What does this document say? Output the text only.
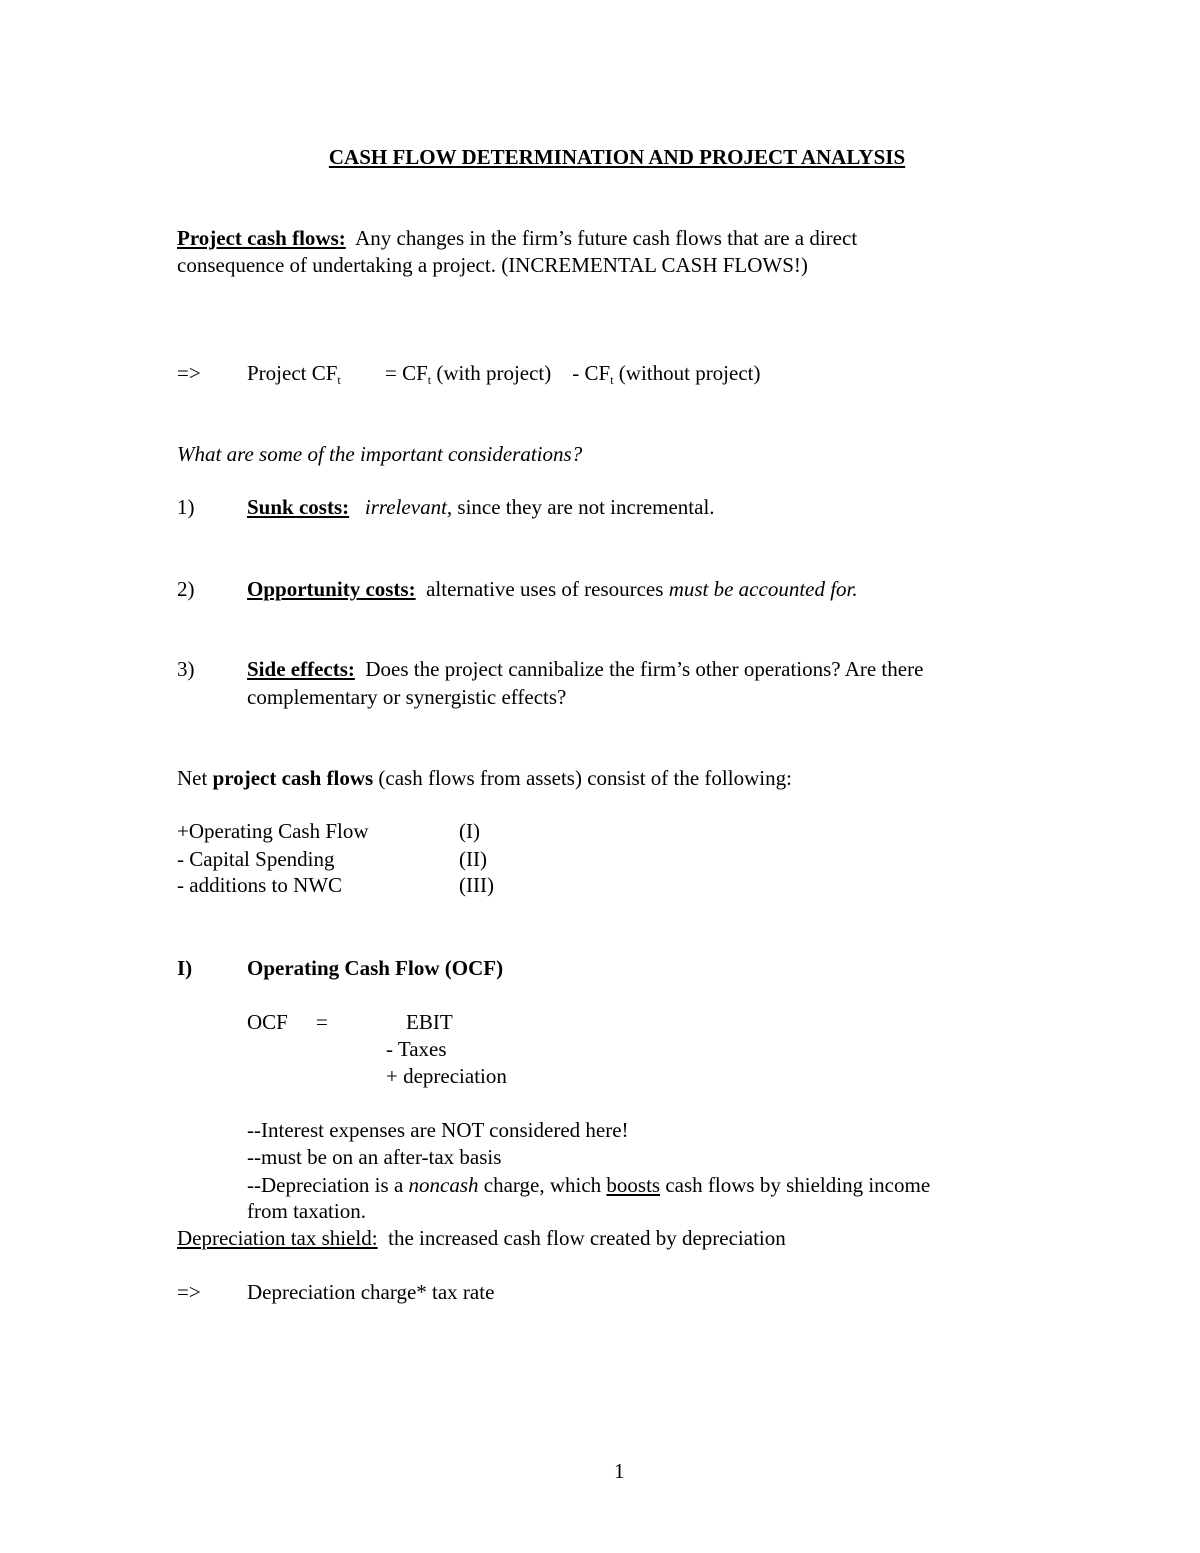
CASH FLOW DETERMINATION AND PROJECT ANALYSIS
Project cash flows: Any changes in the firm’s future cash flows that are a direct
consequence of undertaking a project. (INCREMENTAL CASH FLOWS!)
=> Project $CF_t = CF_t$ (with project) - $CF_t$ (without project)
What are some of the important considerations?
1)	Sunk costs: irrelevant, since they are not incremental.
2)	Opportunity costs: alternative uses of resources must be accounted for.
3)	Side effects: Does the project cannibalize the firm’s other operations? Are there
complementary or synergistic effects?
Net project cash flows (cash flows from assets) consist of the following:
+Operating Cash Flow	(I)
- Capital Spending	(II)
- additions to NWC	(III)
I)	Operating Cash Flow (OCF)
OCF =	EBIT
- Taxes
+ depreciation
--Interest expenses are NOT considered here!
--must be on an after-tax basis
--Depreciation is a noncash charge, which boosts cash flows by shielding income
from taxation.
Depreciation tax shield: the increased cash flow created by depreciation
=> Depreciation charge* tax rate
1
